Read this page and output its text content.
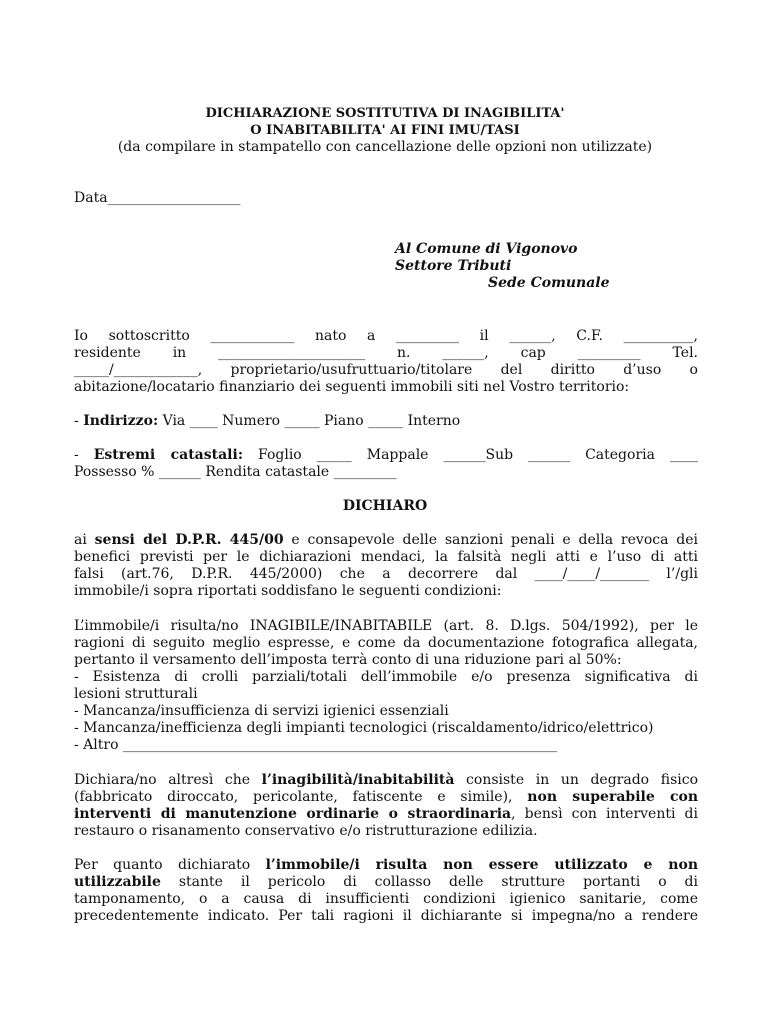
DICHIARAZIONE SOSTITUTIVA DI INAGIBILITA'
O INABITABILITA' AI FINI IMU/TASI
(da compilare in stampatello con cancellazione delle opzioni non utilizzate)
Data___________________
Al Comune di Vigonovo
Settore Tributi
Sede Comunale
Io sottoscritto ____________ nato a _________ il ______, C.F. __________,
residente in _____________________ n. ______, cap _________ Tel.
_____/____________, proprietario/usufruttuario/titolare del diritto d’uso o
abitazione/locatario finanziario dei seguenti immobili siti nel Vostro territorio:
- Indirizzo: Via ____ Numero _____ Piano _____ Interno
- Estremi catastali: Foglio _____ Mappale ______Sub ______ Categoria ____
Possesso % ______ Rendita catastale _________
DICHIARO
ai sensi del D.P.R. 445/00 e consapevole delle sanzioni penali e della revoca dei
benefici previsti per le dichiarazioni mendaci, la falsità negli atti e l’uso di atti
falsi (art.76, D.P.R. 445/2000) che a decorrere dal ____/____/_______ l’/gli
immobile/i sopra riportati soddisfano le seguenti condizioni:
L’immobile/i risulta/no INAGIBILE/INABITABILE (art. 8. D.lgs. 504/1992), per le
ragioni di seguito meglio espresse, e come da documentazione fotografica allegata,
pertanto il versamento dell’imposta terrà conto di una riduzione pari al 50%:
- Esistenza di crolli parziali/totali dell’immobile e/o presenza significativa di
lesioni strutturali
- Mancanza/insufficienza di servizi igienici essenziali
- Mancanza/inefficienza degli impianti tecnologici (riscaldamento/idrico/elettrico)
- Altro ______________________________________________________________
Dichiara/no altresì che l’inagibilità/inabitabilità consiste in un degrado fisico
(fabbricato diroccato, pericolante, fatiscente e simile), non superabile con
interventi di manutenzione ordinarie o straordinaria, bensì con interventi di
restauro o risanamento conservativo e/o ristrutturazione edilizia.
Per quanto dichiarato l’immobile/i risulta non essere utilizzato e non
utilizzabile stante il pericolo di collasso delle strutture portanti o di
tamponamento, o a causa di insufficienti condizioni igienico sanitarie, come
precedentemente indicato. Per tali ragioni il dichiarante si impegna/no a rendere
